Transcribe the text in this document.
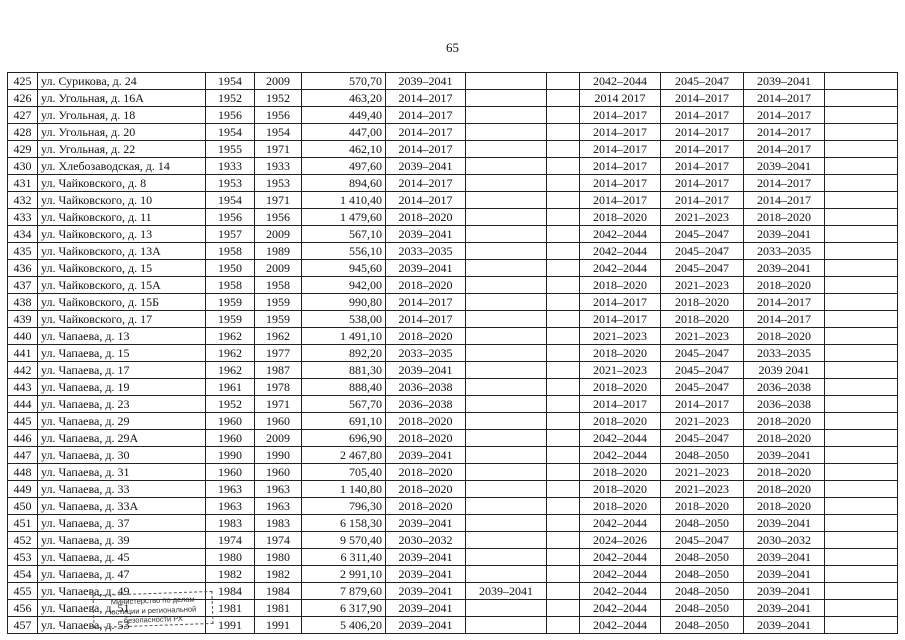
65
425	ул. Сурикова, д. 24	1954	2009	570,70	2039–2041			2042–2044	2045–2047	2039–2041	
426	ул. Угольная, д. 16А	1952	1952	463,20	2014–2017			2014 2017	2014–2017	2014–2017	
427	ул. Угольная, д. 18	1956	1956	449,40	2014–2017			2014–2017	2014–2017	2014–2017	
428	ул. Угольная, д. 20	1954	1954	447,00	2014–2017			2014–2017	2014–2017	2014–2017	
429	ул. Угольная, д. 22	1955	1971	462,10	2014–2017			2014–2017	2014–2017	2014–2017	
430	ул. Хлебозаводская, д. 14	1933	1933	497,60	2039–2041			2014–2017	2014–2017	2039–2041	
431	ул. Чайковского, д. 8	1953	1953	894,60	2014–2017			2014–2017	2014–2017	2014–2017	
432	ул. Чайковского, д. 10	1954	1971	1 410,40	2014–2017			2014–2017	2014–2017	2014–2017	
433	ул. Чайковского, д. 11	1956	1956	1 479,60	2018–2020			2018–2020	2021–2023	2018–2020	
434	ул. Чайковского, д. 13	1957	2009	567,10	2039–2041			2042–2044	2045–2047	2039–2041	
435	ул. Чайковского, д. 13А	1958	1989	556,10	2033–2035			2042–2044	2045–2047	2033–2035	
436	ул. Чайковского, д. 15	1950	2009	945,60	2039–2041			2042–2044	2045–2047	2039–2041	
437	ул. Чайковского, д. 15А	1958	1958	942,00	2018–2020			2018–2020	2021–2023	2018–2020	
438	ул. Чайковского, д. 15Б	1959	1959	990,80	2014–2017			2014–2017	2018–2020	2014–2017	
439	ул. Чайковского, д. 17	1959	1959	538,00	2014–2017			2014–2017	2018–2020	2014–2017	
440	ул. Чапаева, д. 13	1962	1962	1 491,10	2018–2020			2021–2023	2021–2023	2018–2020	
441	ул. Чапаева, д. 15	1962	1977	892,20	2033–2035			2018–2020	2045–2047	2033–2035	
442	ул. Чапаева, д. 17	1962	1987	881,30	2039–2041			2021–2023	2045–2047	2039 2041	
443	ул. Чапаева, д. 19	1961	1978	888,40	2036–2038			2018–2020	2045–2047	2036–2038	
444	ул. Чапаева, д. 23	1952	1971	567,70	2036–2038			2014–2017	2014–2017	2036–2038	
445	ул. Чапаева, д. 29	1960	1960	691,10	2018–2020			2018–2020	2021–2023	2018–2020	
446	ул. Чапаева, д. 29А	1960	2009	696,90	2018–2020			2042–2044	2045–2047	2018–2020	
447	ул. Чапаева, д. 30	1990	1990	2 467,80	2039–2041			2042–2044	2048–2050	2039–2041	
448	ул. Чапаева, д. 31	1960	1960	705,40	2018–2020			2018–2020	2021–2023	2018–2020	
449	ул. Чапаева, д. 33	1963	1963	1 140,80	2018–2020			2018–2020	2021–2023	2018–2020	
450	ул. Чапаева, д. 33А	1963	1963	796,30	2018–2020			2018–2020	2018–2020	2018–2020	
451	ул. Чапаева, д. 37	1983	1983	6 158,30	2039–2041			2042–2044	2048–2050	2039–2041	
452	ул. Чапаева, д. 39	1974	1974	9 570,40	2030–2032			2024–2026	2045–2047	2030–2032	
453	ул. Чапаева, д. 45	1980	1980	6 311,40	2039–2041			2042–2044	2048–2050	2039–2041	
454	ул. Чапаева, д. 47	1982	1982	2 991,10	2039–2041			2042–2044	2048–2050	2039–2041	
455	ул. Чапаева, д. 49	1984	1984	7 879,60	2039–2041	2039–2041		2042–2044	2048–2050	2039–2041	
456	ул. Чапаева, д. 51	1981	1981	6 317,90	2039–2041			2042–2044	2048–2050	2039–2041	
457	ул. Чапаева, д. 53	1991	1991	5 406,20	2039–2041			2042–2044	2048–2050	2039–2041	
Министерство по делам
юстиции и региональной
безопасности РХ
